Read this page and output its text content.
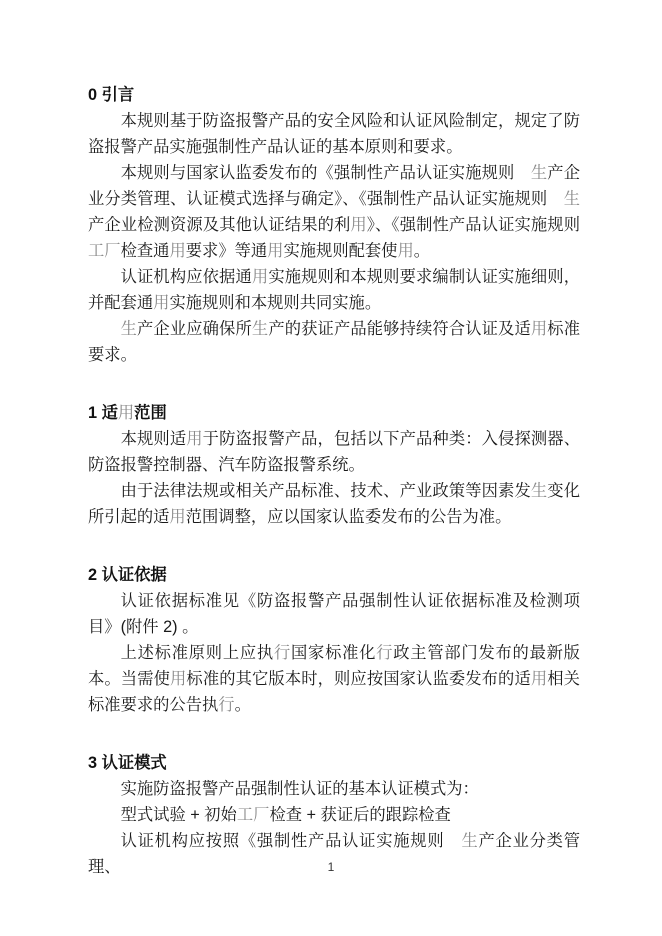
0 引言

本规则基于防盗报警产品的安全风险和认证风险制定，规定了防盗报警产品实施强制性产品认证的基本原则和要求。

本规则与国家认监委发布的《强制性产品认证实施规则　生产企业分类管理、认证模式选择与确定》、《强制性产品认证实施规则　生产企业检测资源及其他认证结果的利用》、《强制性产品认证实施规则　工厂检查通用要求》等通用实施规则配套使用。

认证机构应依据通用实施规则和本规则要求编制认证实施细则，并配套通用实施规则和本规则共同实施。

生产企业应确保所生产的获证产品能够持续符合认证及适用标准要求。

1 适用范围

本规则适用于防盗报警产品，包括以下产品种类：入侵探测器、防盗报警控制器、汽车防盗报警系统。

由于法律法规或相关产品标准、技术、产业政策等因素发生变化所引起的适用范围调整，应以国家认监委发布的公告为准。

2 认证依据

认证依据标准见《防盗报警产品强制性认证依据标准及检测项目》(附件 2) 。

上述标准原则上应执行国家标准化行政主管部门发布的最新版本。当需使用标准的其它版本时，则应按国家认监委发布的适用相关标准要求的公告执行。

3 认证模式

实施防盗报警产品强制性认证的基本认证模式为：

型式试验 + 初始工厂检查 + 获证后的跟踪检查

认证机构应按照《强制性产品认证实施规则　生产企业分类管理、	1
